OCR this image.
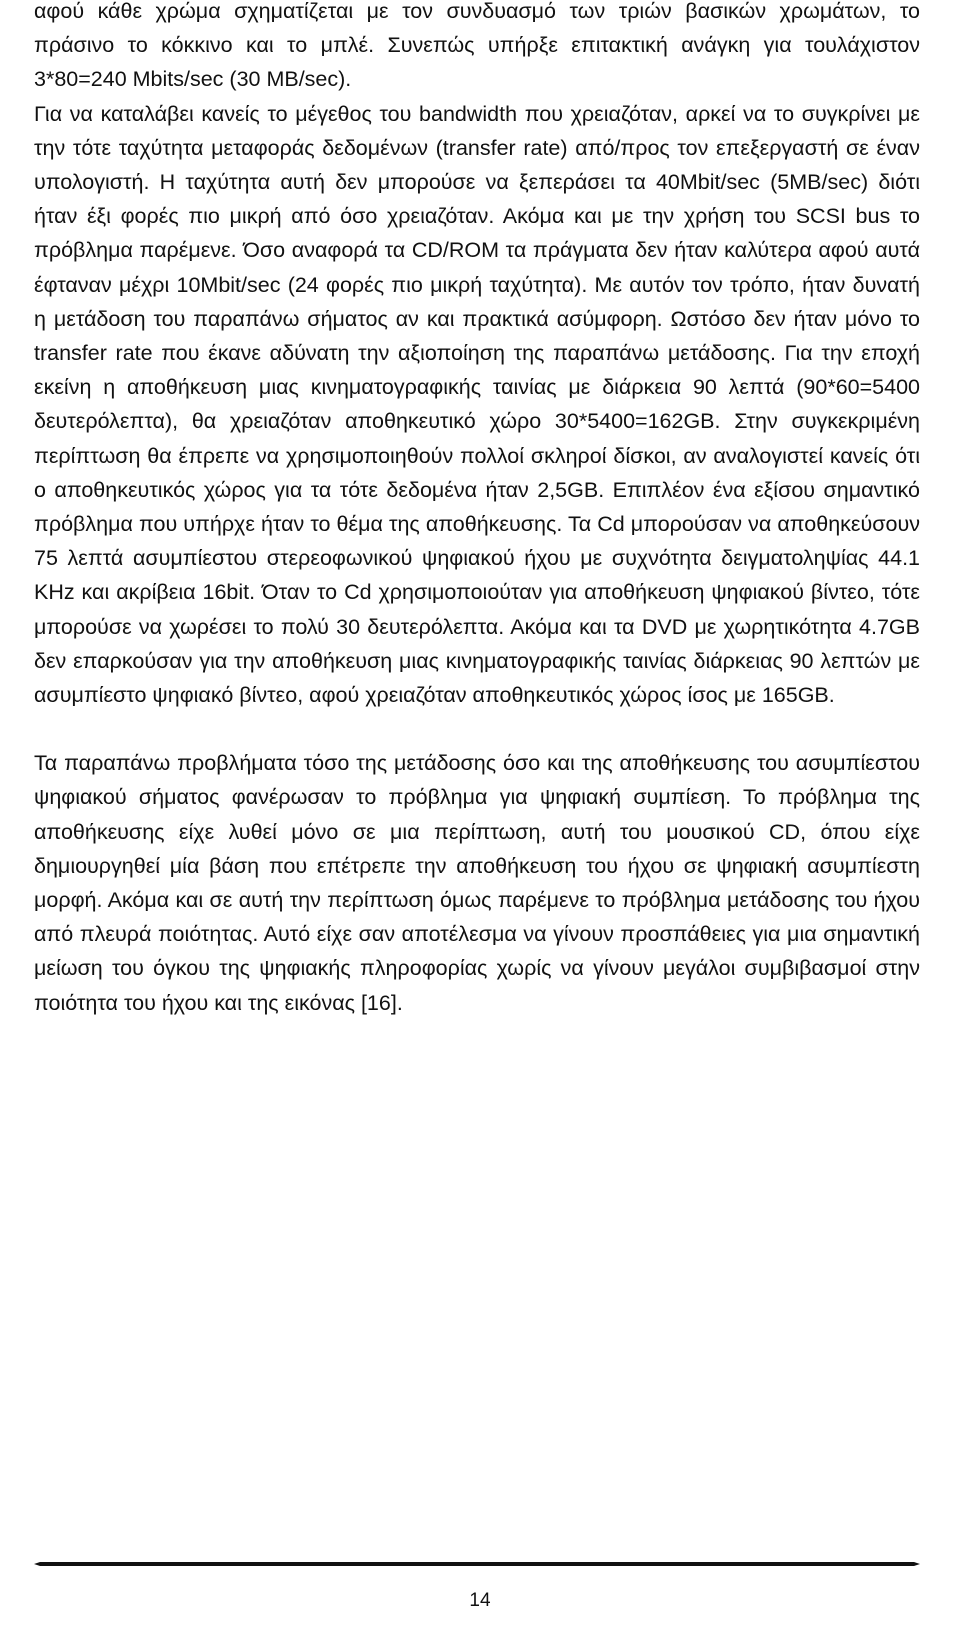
αφού κάθε χρώμα σχηματίζεται με τον συνδυασμό των τριών βασικών χρωμάτων, το πράσινο το κόκκινο και το μπλέ. Συνεπώς υπήρξε επιτακτική ανάγκη για τουλάχιστον 3*80=240 Mbits/sec (30 MB/sec).

Για να καταλάβει κανείς το μέγεθος του bandwidth που χρειαζόταν, αρκεί να το συγκρίνει με την τότε ταχύτητα μεταφοράς δεδομένων (transfer rate) από/προς τον επεξεργαστή σε έναν υπολογιστή. Η ταχύτητα αυτή δεν μπορούσε να ξεπεράσει τα 40Mbit/sec (5MB/sec) διότι ήταν έξι φορές πιο μικρή από όσο χρειαζόταν. Ακόμα και με την χρήση του SCSI bus το πρόβλημα παρέμενε. Όσο αναφορά τα CD/ROM τα πράγματα δεν ήταν καλύτερα αφού αυτά έφταναν μέχρι 10Mbit/sec (24 φορές πιο μικρή ταχύτητα). Με αυτόν τον τρόπο, ήταν δυνατή η μετάδοση του παραπάνω σήματος αν και πρακτικά ασύμφορη. Ωστόσο δεν ήταν μόνο το transfer rate που έκανε αδύνατη την αξιοποίηση της παραπάνω μετάδοσης. Για την εποχή εκείνη η αποθήκευση μιας κινηματογραφικής ταινίας με διάρκεια 90 λεπτά (90*60=5400 δευτερόλεπτα), θα χρειαζόταν αποθηκευτικό χώρο 30*5400=162GB. Στην συγκεκριμένη περίπτωση θα έπρεπε να χρησιμοποιηθούν πολλοί σκληροί δίσκοι, αν αναλογιστεί κανείς ότι ο αποθηκευτικός χώρος για τα τότε δεδομένα ήταν 2,5GB. Επιπλέον ένα εξίσου σημαντικό πρόβλημα που υπήρχε ήταν το θέμα της αποθήκευσης. Τα Cd μπορούσαν να αποθηκεύσουν 75 λεπτά ασυμπίεστου στερεοφωνικού ψηφιακού ήχου με συχνότητα δειγματοληψίας 44.1 KHz και ακρίβεια 16bit. Όταν το Cd χρησιμοποιούταν για αποθήκευση ψηφιακού βίντεο, τότε μπορούσε να χωρέσει το πολύ 30 δευτερόλεπτα. Ακόμα και τα DVD με χωρητικότητα 4.7GB δεν επαρκούσαν για την αποθήκευση μιας κινηματογραφικής ταινίας διάρκειας 90 λεπτών με ασυμπίεστο ψηφιακό βίντεο, αφού χρειαζόταν αποθηκευτικός χώρος ίσος με 165GB.

Τα παραπάνω προβλήματα τόσο της μετάδοσης όσο και της αποθήκευσης του ασυμπίεστου ψηφιακού σήματος φανέρωσαν το πρόβλημα για ψηφιακή συμπίεση. Το πρόβλημα της αποθήκευσης είχε λυθεί μόνο σε μια περίπτωση, αυτή του μουσικού CD, όπου είχε δημιουργηθεί μία βάση που επέτρεπε την αποθήκευση του ήχου σε ψηφιακή ασυμπίεστη μορφή. Ακόμα και σε αυτή την περίπτωση όμως παρέμενε το πρόβλημα μετάδοσης του ήχου από πλευρά ποιότητας. Αυτό είχε σαν αποτέλεσμα να γίνουν προσπάθειες για μια σημαντική μείωση του όγκου της ψηφιακής πληροφορίας χωρίς να γίνουν μεγάλοι συμβιβασμοί στην ποιότητα του ήχου και της εικόνας [16].

14
